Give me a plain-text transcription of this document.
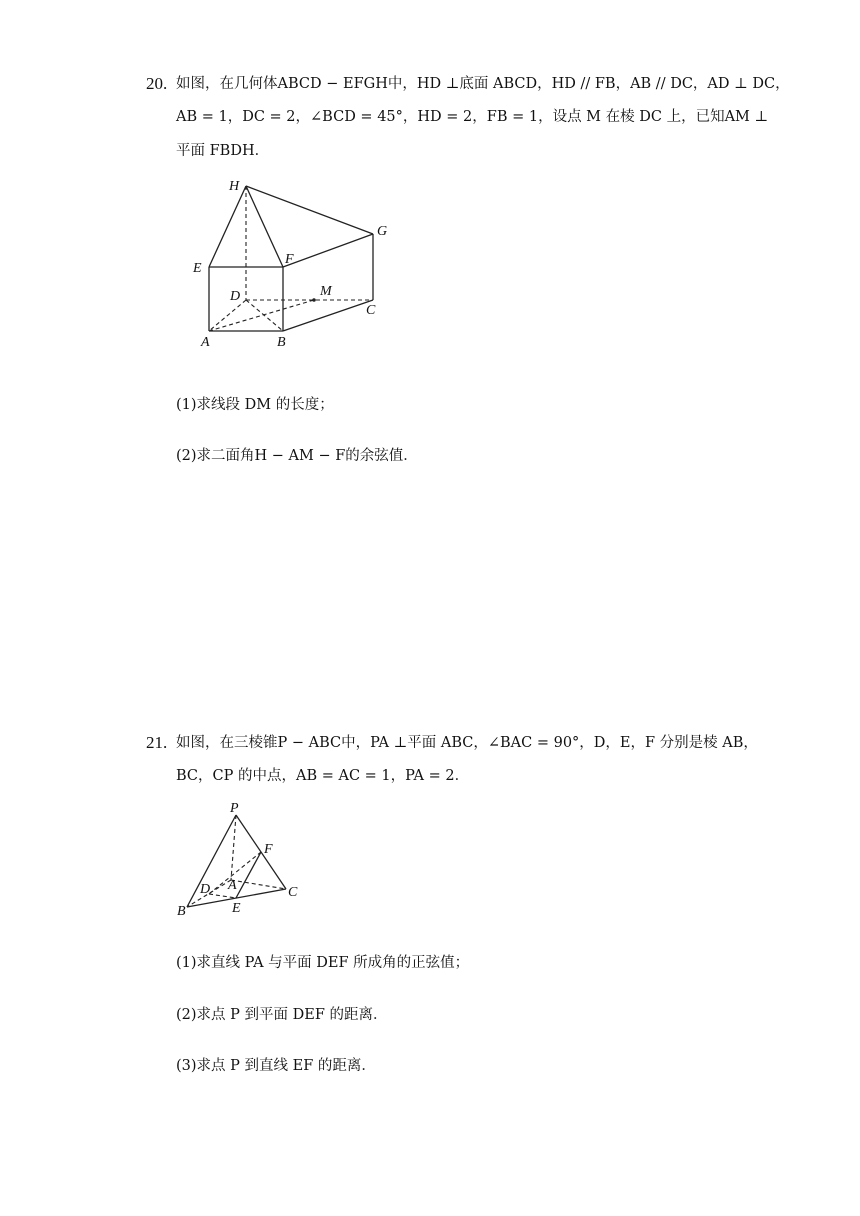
20. 如图，在几何体ABCD − EFGH中，HD ⊥底面 ABCD，HD // FB，AB // DC，AD ⊥ DC，
AB = 1，DC = 2，∠BCD = 45°，HD = 2，FB = 1，设点 M 在棱 DC 上，已知AM ⊥
平面 FBDH．
H
G
E
F
D	M
C
A	B
(1)求线段 DM 的长度；
(2)求二面角H − AM − F的余弦值．
21. 如图，在三棱锥P − ABC中，PA ⊥平面 ABC，∠BAC = 90°，D，E，F 分别是棱 AB，
BC，CP 的中点，AB = AC = 1，PA = 2．
P
F
D A	C
B	E
(1)求直线 PA 与平面 DEF 所成角的正弦值；
(2)求点 P 到平面 DEF 的距离．
(3)求点 P 到直线 EF 的距离．
